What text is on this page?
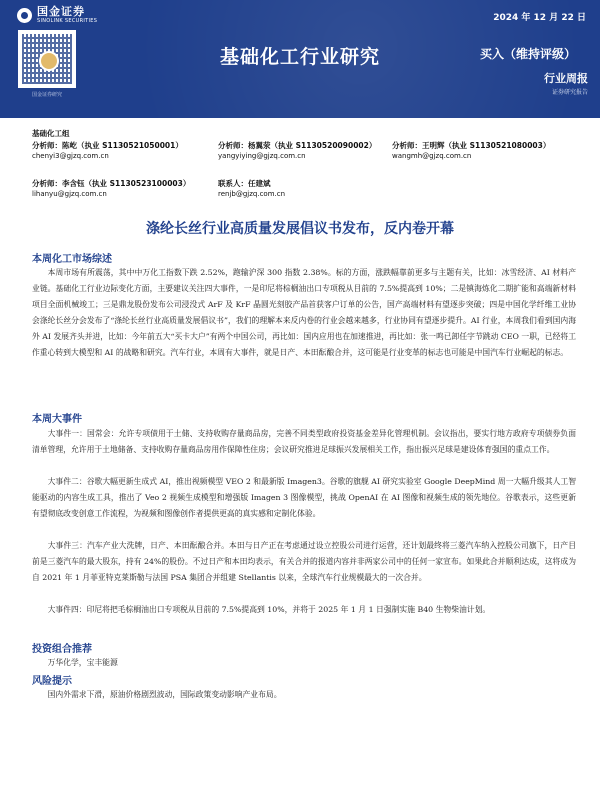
国金证券
SINOLINK SECURITIES	2024 年 12 月 22 日
国金证券研究
基础化工行业研究	买入（维持评级）
行业周报
证券研究报告
基础化工组
分析师：陈屹（执业 S1130521050001）
chenyi3@gjzq.com.cn
分析师：杨翼荥（执业 S1130520090002）
yangyiying@gjzq.com.cn
分析师：王明辉（执业 S1130521080003）
wangmh@gjzq.com.cn
分析师：李含钰（执业 S1130523100003）
lihanyu@gjzq.com.cn
联系人：任建斌
renjb@gjzq.com.cn
涤纶长丝行业高质量发展倡议书发布，反内卷开幕
本周化工市场综述

本周市场有所震荡，其中中万化工指数下跌 2.52%，跑输沪深 300 指数 2.38%。标的方面，涨跌幅靠前更多与主题有关，比如：冰雪经济、AI 材料产业链。基础化工行业边际变化方面，主要建议关注四大事件，一是印尼将棕榈油出口专项税从目前的 7.5%提高到 10%；二是镇海炼化二期扩能和高端新材料项目全面机械竣工；三是鼎龙股份发布公司浸没式 ArF 及 KrF 晶圆光刻胶产品首获客户订单的公告，国产高端材料有望逐步突破；四是中国化学纤维工业协会涤纶长丝分会发布了“涤纶长丝行业高质量发展倡议书”，我们的理解本来反内卷的行业会越来越多，行业协同有望逐步提升。AI 行业，本周我们看到国内海外 AI 发展齐头并进，比如：今年前五大“买卡大户”有两个中国公司，再比如：国内应用也在加速推进，再比如：张一鸣已卸任字节跳动 CEO 一职，已经将工作重心转到大模型和 AI 的战略和研究。汽车行业，本周有大事件，就是日产、本田酝酿合并，这可能是行业变革的标志也可能是中国汽车行业崛起的标志。

本周大事件

大事件一：国常会：允许专项债用于土储、支持收购存量商品房，完善不同类型政府投资基金差异化管理机制。会议指出，要实行地方政府专项债券负面清单管理，允许用于土地储备、支持收购存量商品房用作保障性住房；会议研究推进足球振兴发展相关工作，指出振兴足球是建设体育强国的重点工作。

大事件二：谷歌大幅更新生成式 AI，推出视频模型 VEO 2 和最新版 Imagen3。谷歌的旗舰 AI 研究实验室 Google DeepMind 周一大幅升级其人工智能驱动的内容生成工具，推出了 Veo 2 视频生成模型和增强版 Imagen 3 图像模型，挑战 OpenAI 在 AI 图像和视频生成的领先地位。谷歌表示，这些更新有望彻底改变创意工作流程，为视频和图像创作者提供更高的真实感和定制化体验。

大事件三：汽车产业大洗牌，日产、本田酝酿合并。本田与日产正在考虑通过设立控股公司进行运营，还计划最终将三菱汽车纳入控股公司旗下，日产目前是三菱汽车的最大股东，持有 24%的股份。不过日产和本田均表示，有关合并的报道内容并非两家公司中的任何一家宣布。如果此合并顺利达成，这将成为自 2021 年 1 月菲亚特克莱斯勒与法国 PSA 集团合并组建 Stellantis 以来，全球汽车行业规模最大的一次合并。

大事件四：印尼将把毛棕榈油出口专项税从目前的 7.5%提高到 10%，并将于 2025 年 1 月 1 日强制实施 B40 生物柴油计划。

投资组合推荐

万华化学，宝丰能源

风险提示

国内外需求下滑，原油价格剧烈波动，国际政策变动影响产业布局。
